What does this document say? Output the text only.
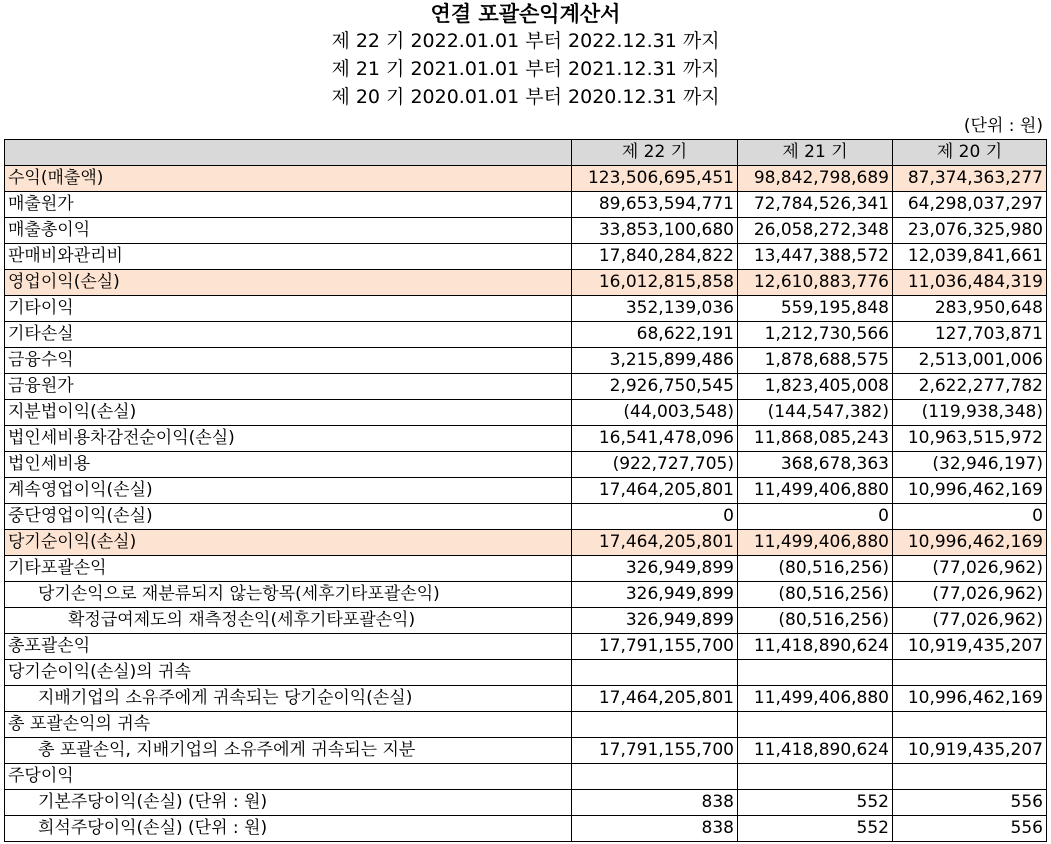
연결 포괄손익계산서
제 22 기 2022.01.01 부터 2022.12.31 까지
제 21 기 2021.01.01 부터 2021.12.31 까지
제 20 기 2020.01.01 부터 2020.12.31 까지
(단위 : 원)
	제 22 기	제 21 기	제 20 기
수익(매출액)	123,506,695,451	98,842,798,689	87,374,363,277
매출원가	89,653,594,771	72,784,526,341	64,298,037,297
매출총이익	33,853,100,680	26,058,272,348	23,076,325,980
판매비와관리비	17,840,284,822	13,447,388,572	12,039,841,661
영업이익(손실)	16,012,815,858	12,610,883,776	11,036,484,319
기타이익	352,139,036	559,195,848	283,950,648
기타손실	68,622,191	1,212,730,566	127,703,871
금융수익	3,215,899,486	1,878,688,575	2,513,001,006
금융원가	2,926,750,545	1,823,405,008	2,622,277,782
지분법이익(손실)	(44,003,548)	(144,547,382)	(119,938,348)
법인세비용차감전순이익(손실)	16,541,478,096	11,868,085,243	10,963,515,972
법인세비용	(922,727,705)	368,678,363	(32,946,197)
계속영업이익(손실)	17,464,205,801	11,499,406,880	10,996,462,169
중단영업이익(손실)	0	0	0
당기순이익(손실)	17,464,205,801	11,499,406,880	10,996,462,169
기타포괄손익	326,949,899	(80,516,256)	(77,026,962)
당기손익으로 재분류되지 않는항목(세후기타포괄손익)	326,949,899	(80,516,256)	(77,026,962)
확정급여제도의 재측정손익(세후기타포괄손익)	326,949,899	(80,516,256)	(77,026,962)
총포괄손익	17,791,155,700	11,418,890,624	10,919,435,207
당기순이익(손실)의 귀속			
지배기업의 소유주에게 귀속되는 당기순이익(손실)	17,464,205,801	11,499,406,880	10,996,462,169
총 포괄손익의 귀속			
총 포괄손익, 지배기업의 소유주에게 귀속되는 지분	17,791,155,700	11,418,890,624	10,919,435,207
주당이익			
기본주당이익(손실) (단위 : 원)	838	552	556
희석주당이익(손실) (단위 : 원)	838	552	556
